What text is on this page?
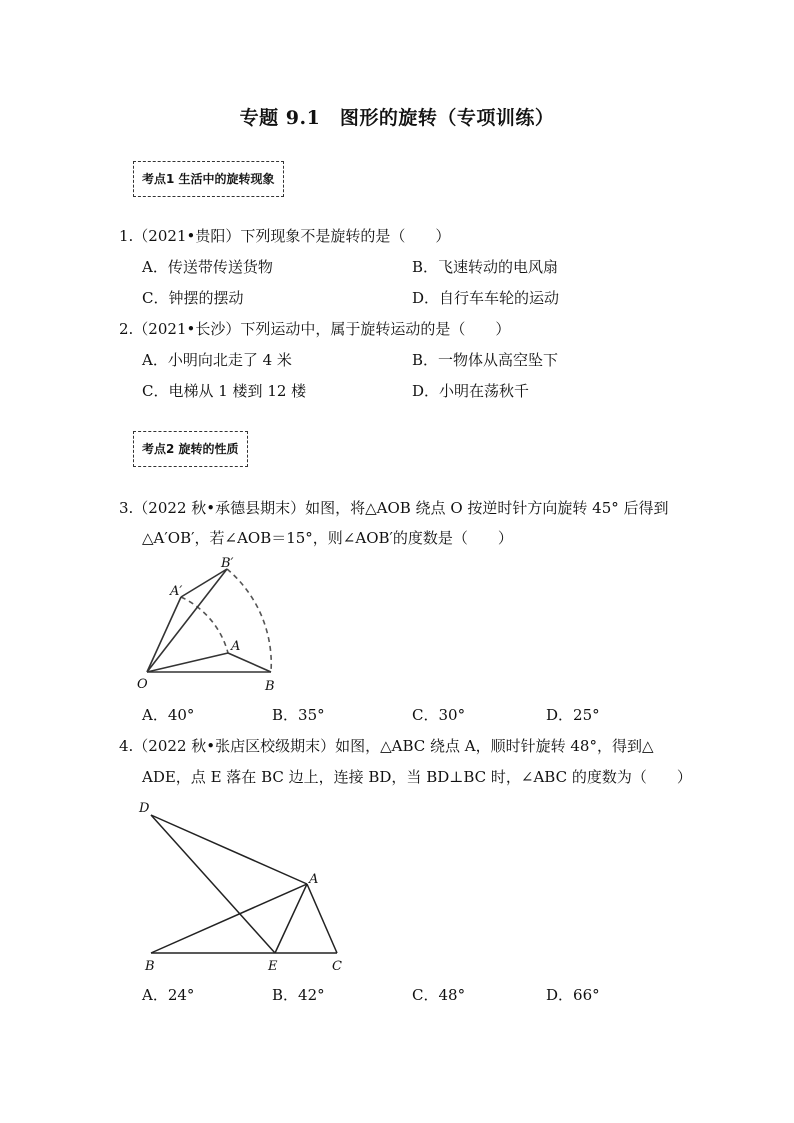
专题 9.1　图形的旋转（专项训练）
考点1 生活中的旋转现象
1.（2021•贵阳）下列现象不是旋转的是（　　）
A．传送带传送货物	B．飞速转动的电风扇
C．钟摆的摆动	D．自行车车轮的运动
2.（2021•长沙）下列运动中，属于旋转运动的是（　　）
A．小明向北走了 4 米	B．一物体从高空坠下
C．电梯从 1 楼到 12 楼	D．小明在荡秋千
考点2 旋转的性质
3.（2022 秋•承德县期末）如图，将△AOB 绕点 O 按逆时针方向旋转 45° 后得到
△A′OB′，若∠AOB＝15°，则∠AOB′的度数是（　　）
O	B
A
A′
B′
A．40°	B．35°	C．30°	D．25°
4.（2022 秋•张店区校级期末）如图，△ABC 绕点 A，顺时针旋转 48°，得到△
ADE，点 E 落在 BC 边上，连接 BD，当 BD⊥BC 时，∠ABC 的度数为（　　）
D
A
B	E	C
A．24°	B．42°	C．48°	D．66°
